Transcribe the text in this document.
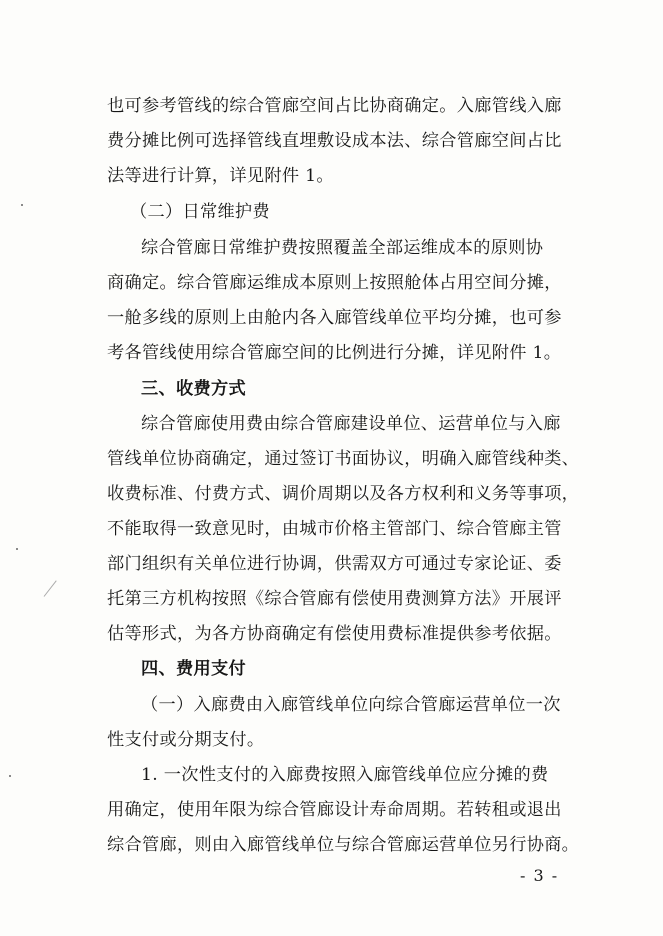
也可参考管线的综合管廊空间占比协商确定。入廊管线入廊
费分摊比例可选择管线直埋敷设成本法、综合管廊空间占比
法等进行计算，详见附件 1。
（二）日常维护费
综合管廊日常维护费按照覆盖全部运维成本的原则协
商确定。综合管廊运维成本原则上按照舱体占用空间分摊，
一舱多线的原则上由舱内各入廊管线单位平均分摊，也可参
考各管线使用综合管廊空间的比例进行分摊，详见附件 1。
三、收费方式
综合管廊使用费由综合管廊建设单位、运营单位与入廊
管线单位协商确定，通过签订书面协议，明确入廊管线种类、
收费标准、付费方式、调价周期以及各方权利和义务等事项，
不能取得一致意见时，由城市价格主管部门、综合管廊主管
部门组织有关单位进行协调，供需双方可通过专家论证、委
托第三方机构按照《综合管廊有偿使用费测算方法》开展评
估等形式，为各方协商确定有偿使用费标准提供参考依据。
四、费用支付
（一）入廊费由入廊管线单位向综合管廊运营单位一次
性支付或分期支付。
1. 一次性支付的入廊费按照入廊管线单位应分摊的费
用确定，使用年限为综合管廊设计寿命周期。若转租或退出
综合管廊，则由入廊管线单位与综合管廊运营单位另行协商。
- 3 -
